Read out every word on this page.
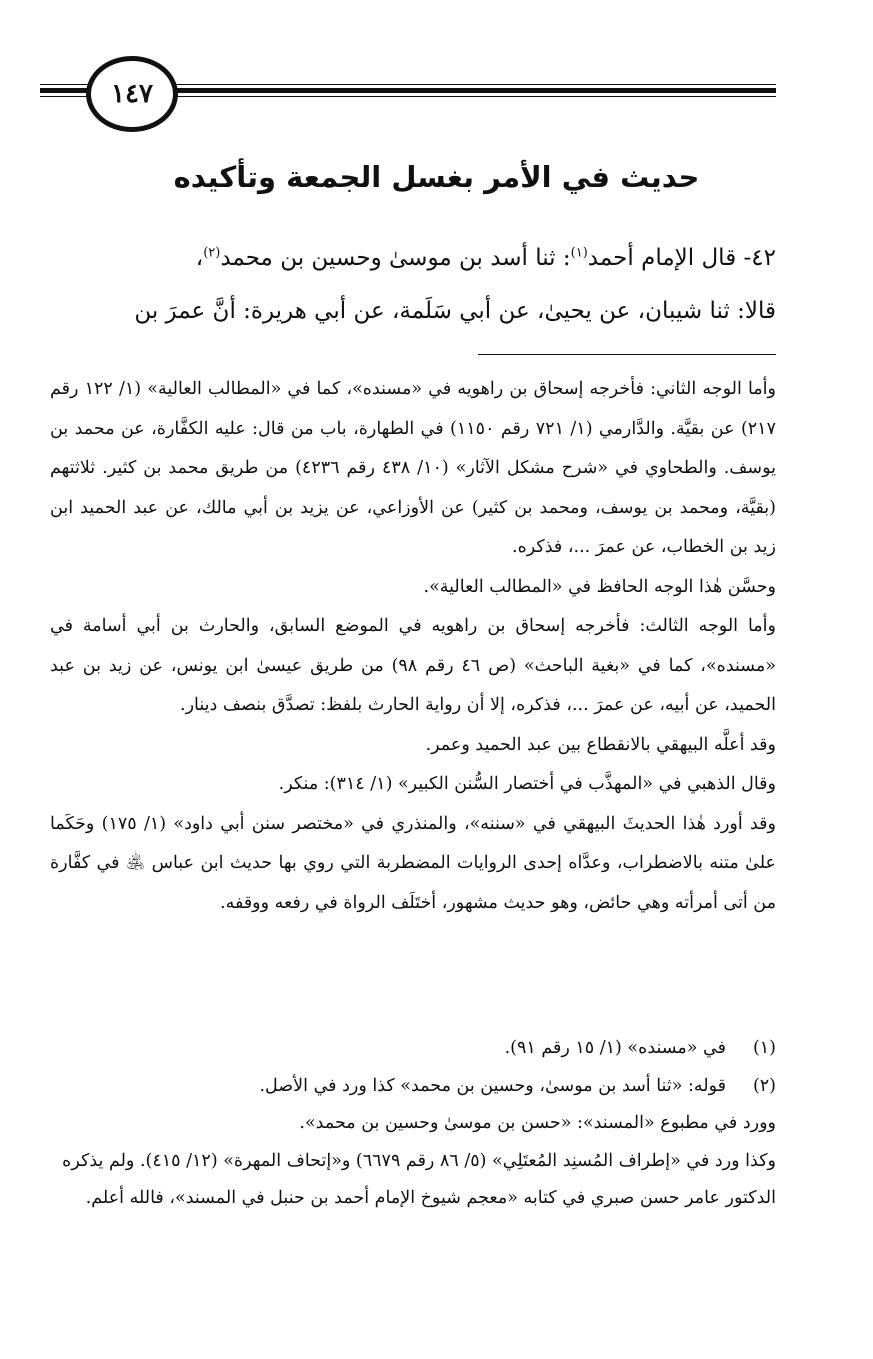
١٤٧
حديث في الأمر بغسل الجمعة وتأكيده

٤٢- قال الإمام أحمد$^{(١)}$: ثنا أسد بن موسىٰ وحسين بن محمد$^{(٢)}$،

قالا: ثنا شيبان، عن يحيىٰ، عن أبي سَلَمة، عن أبي هريرة: أنَّ عمرَ بن

وأما الوجه الثاني: فأخرجه إسحاق بن راهويه في «مسنده»، كما في «المطالب العالية» (١/ ١٢٢ رقم ٢١٧) عن بقيَّة. والدَّارمي (١/ ٧٢١ رقم ١١٥٠) في الطهارة، باب من قال: عليه الكفَّارة، عن محمد بن يوسف. والطحاوي في «شرح مشكل الآثار» (١٠/ ٤٣٨ رقم ٤٢٣٦) من طريق محمد بن كثير. ثلاثتهم (بقيَّة، ومحمد بن يوسف، ومحمد بن كثير) عن الأوزاعي، عن يزيد بن أبي مالك، عن عبد الحميد ابن زيد بن الخطاب، عن عمرَ ...، فذكره.

وحسَّن هٰذا الوجه الحافظ في «المطالب العالية».

وأما الوجه الثالث: فأخرجه إسحاق بن راهويه في الموضع السابق، والحارث بن أبي أسامة في «مسنده»، كما في «بغية الباحث» (ص ٤٦ رقم ٩٨) من طريق عيسىٰ ابن يونس، عن زيد بن عبد الحميد، عن أبيه، عن عمرَ ...، فذكره، إلا أن رواية الحارث بلفظ: تصدَّق بنصف دينار.

وقد أعلَّه البيهقي بالانقطاع بين عبد الحميد وعمر.

وقال الذهبي في «المهذَّب في أختصار السُّنن الكبير» (١/ ٣١٤): منكر.

وقد أورد هٰذا الحديثَ البيهقي في «سننه»، والمنذري في «مختصر سنن أبي داود» (١/ ١٧٥) وحَكَما علىٰ متنه بالاضطراب، وعدَّاه إحدى الروايات المضطربة التي روي بها حديث ابن عباس ﵁ في كفَّارة من أتى أمرأته وهي حائض، وهو حديث مشهور، أختَلَف الرواة في رفعه ووقفه.

(١)

في «مسنده» (١/ ١٥ رقم ٩١).

(٢)

قوله: «ثنا أسد بن موسىٰ، وحسين بن محمد» كذا ورد في الأصل.

وورد في مطبوع «المسند»: «حسن بن موسىٰ وحسين بن محمد».

وكذا ورد في «إطراف المُسنِد المُعتَلِي» (٥/ ٨٦ رقم ٦٦٧٩) و«إتحاف المهرة» (١٢/ ٤١٥). ولم يذكره الدكتور عامر حسن صبري في كتابه «معجم شيوخ الإمام أحمد بن حنبل في المسند»، فالله أعلم.
